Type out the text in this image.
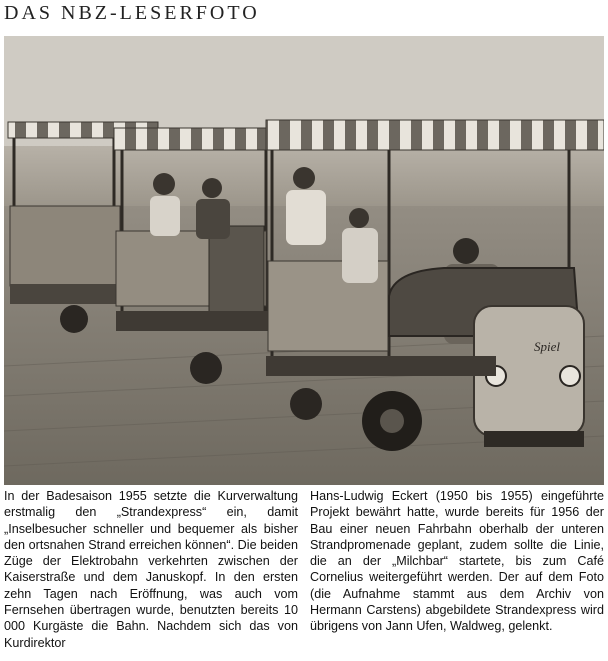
DAS NBZ-LESERFOTO
Spiel
In der Badesaison 1955 setzte die Kurverwaltung erstmalig den „Strandexpress“ ein, damit „Inselbesucher schneller und bequemer als bisher den ortsnahen Strand erreichen können“. Die beiden Züge der Elektrobahn verkehrten zwischen der Kaiserstraße und dem Januskopf. In den ersten zehn Tagen nach Eröffnung, was auch vom Fernsehen übertragen wurde, benutzten bereits 10 000 Kurgäste die Bahn. Nachdem sich das von Kurdirektor
Hans-Ludwig Eckert (1950 bis 1955) eingeführte Projekt bewährt hatte, wurde bereits für 1956 der Bau einer neuen Fahrbahn oberhalb der unteren Strandpromenade geplant, zudem sollte die Linie, die an der „Milchbar“ startete, bis zum Café Cornelius weitergeführt werden. Der auf dem Foto (die Aufnahme stammt aus dem Archiv von Hermann Carstens) abgebildete Strandexpress wird übrigens von Jann Ufen, Waldweg, gelenkt.
